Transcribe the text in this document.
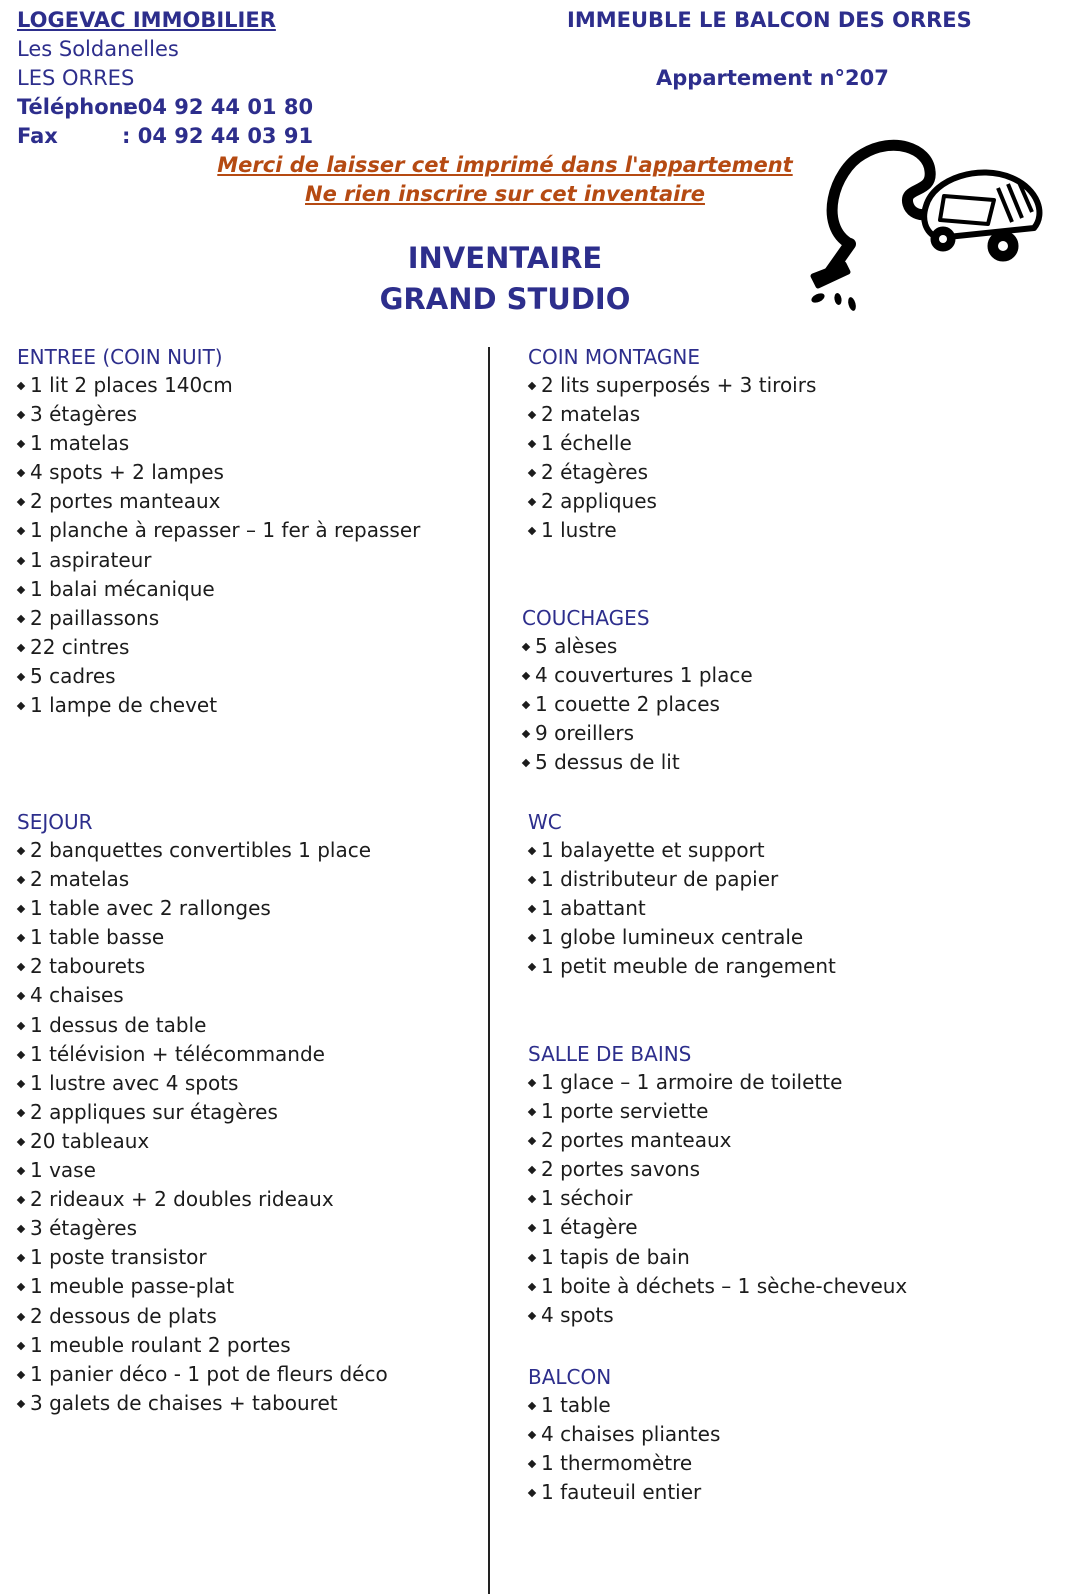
LOGEVAC IMMOBILIER
Les Soldanelles
LES ORRES
Téléphone
: 04 92 44 01 80
Fax	: 04 92 44 03 91
IMMEUBLE LE BALCON DES ORRES
Appartement n°207
Merci de laisser cet imprimé dans l'appartement
Ne rien inscrire sur cet inventaire
INVENTAIRE
GRAND STUDIO
ENTREE (COIN NUIT)
1 lit 2 places 140cm
3 étagères
1 matelas
4 spots + 2 lampes
2 portes manteaux
1 planche à repasser – 1 fer à repasser
1 aspirateur
1 balai mécanique
2 paillassons
22 cintres
5 cadres
1 lampe de chevet
SEJOUR
2 banquettes convertibles 1 place
2 matelas
1 table avec 2 rallonges
1 table basse
2 tabourets
4 chaises
1 dessus de table
1 télévision + télécommande
1 lustre avec 4 spots
2 appliques sur étagères
20 tableaux
1 vase
2 rideaux + 2 doubles rideaux
3 étagères
1 poste transistor
1 meuble passe-plat
2 dessous de plats
1 meuble roulant 2 portes
1 panier déco - 1 pot de fleurs déco
3 galets de chaises + tabouret
COIN MONTAGNE
2 lits superposés + 3 tiroirs
2 matelas
1 échelle
2 étagères
2 appliques
1 lustre
COUCHAGES
5 alèses
4 couvertures 1 place
1 couette 2 places
9 oreillers
5 dessus de lit
WC
1 balayette et support
1 distributeur de papier
1 abattant
1 globe lumineux centrale
1 petit meuble de rangement
SALLE DE BAINS
1 glace – 1 armoire de toilette
1 porte serviette
2 portes manteaux
2 portes savons
1 séchoir
1 étagère
1 tapis de bain
1 boite à déchets – 1 sèche-cheveux
4 spots
BALCON
1 table
4 chaises pliantes
1 thermomètre
1 fauteuil entier
